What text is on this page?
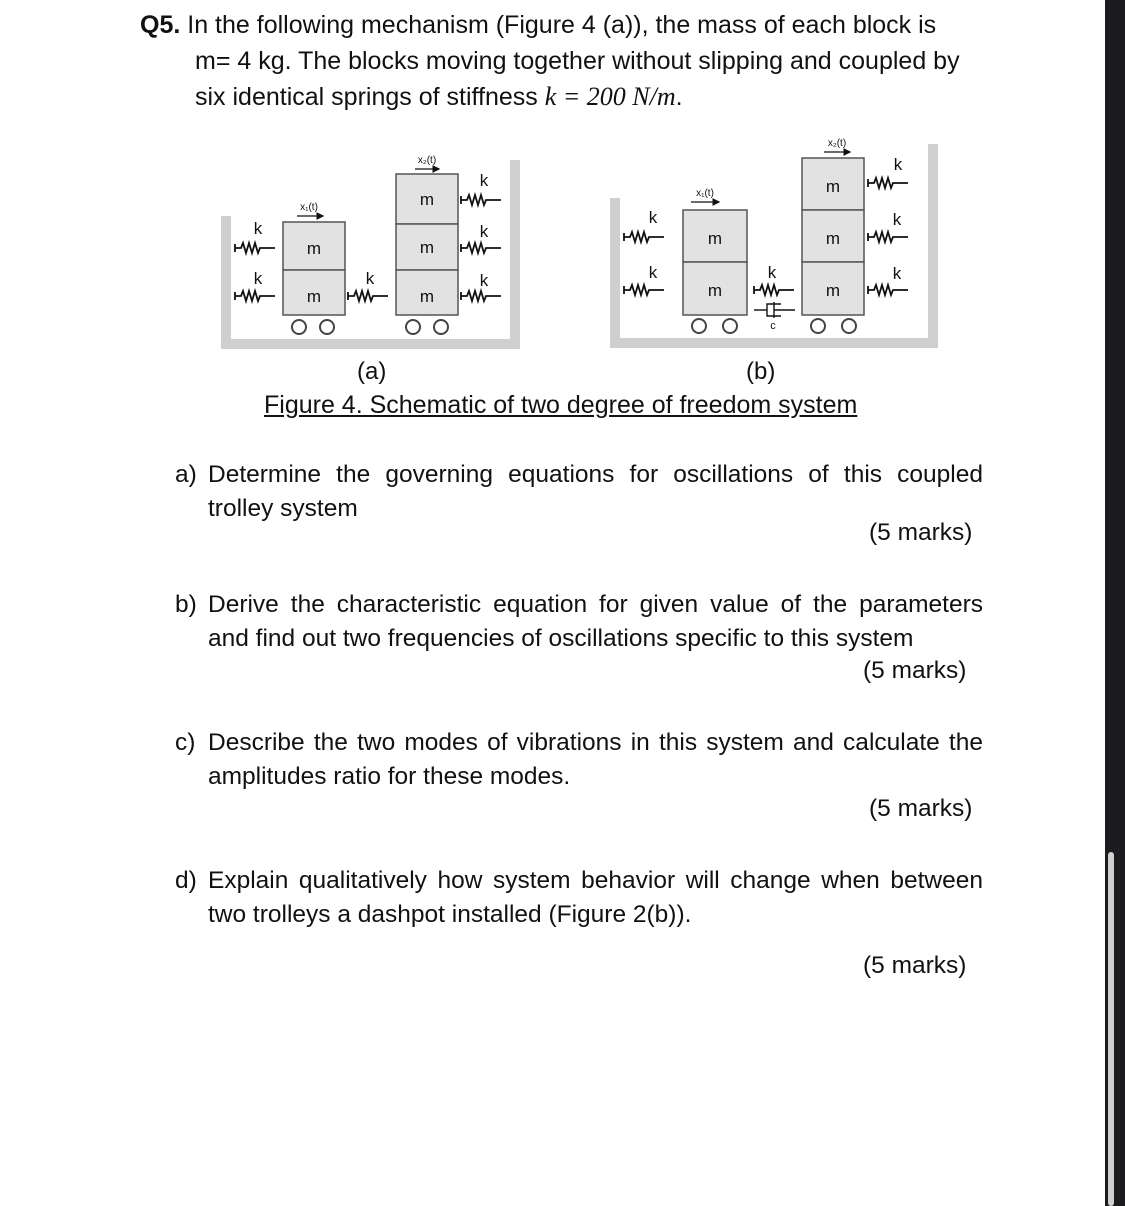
Q5. In the following mechanism (Figure 4 (a)), the mass of each block is
m= 4 kg. The blocks moving together without slipping and coupled by
six identical springs of stiffness k = 200 N/m.
m
m
x₁(t)	m
m
m
x₂(t)
k
k	k
k
k
k
m
m
x₁(t)	m
m
m
x₂(t)
k
k	k
k
k
k
c
(a)	(b)
Figure 4. Schematic of two degree of freedom system
a) Determine the governing equations for oscillations of this coupled trolley system
(5 marks)
b) Derive the characteristic equation for given value of the parameters and find out two frequencies of oscillations specific to this system
(5 marks)
c) Describe the two modes of vibrations in this system and calculate the amplitudes ratio for these modes.
(5 marks)
d) Explain qualitatively how system behavior will change when between two trolleys a dashpot installed (Figure 2(b)).
(5 marks)
